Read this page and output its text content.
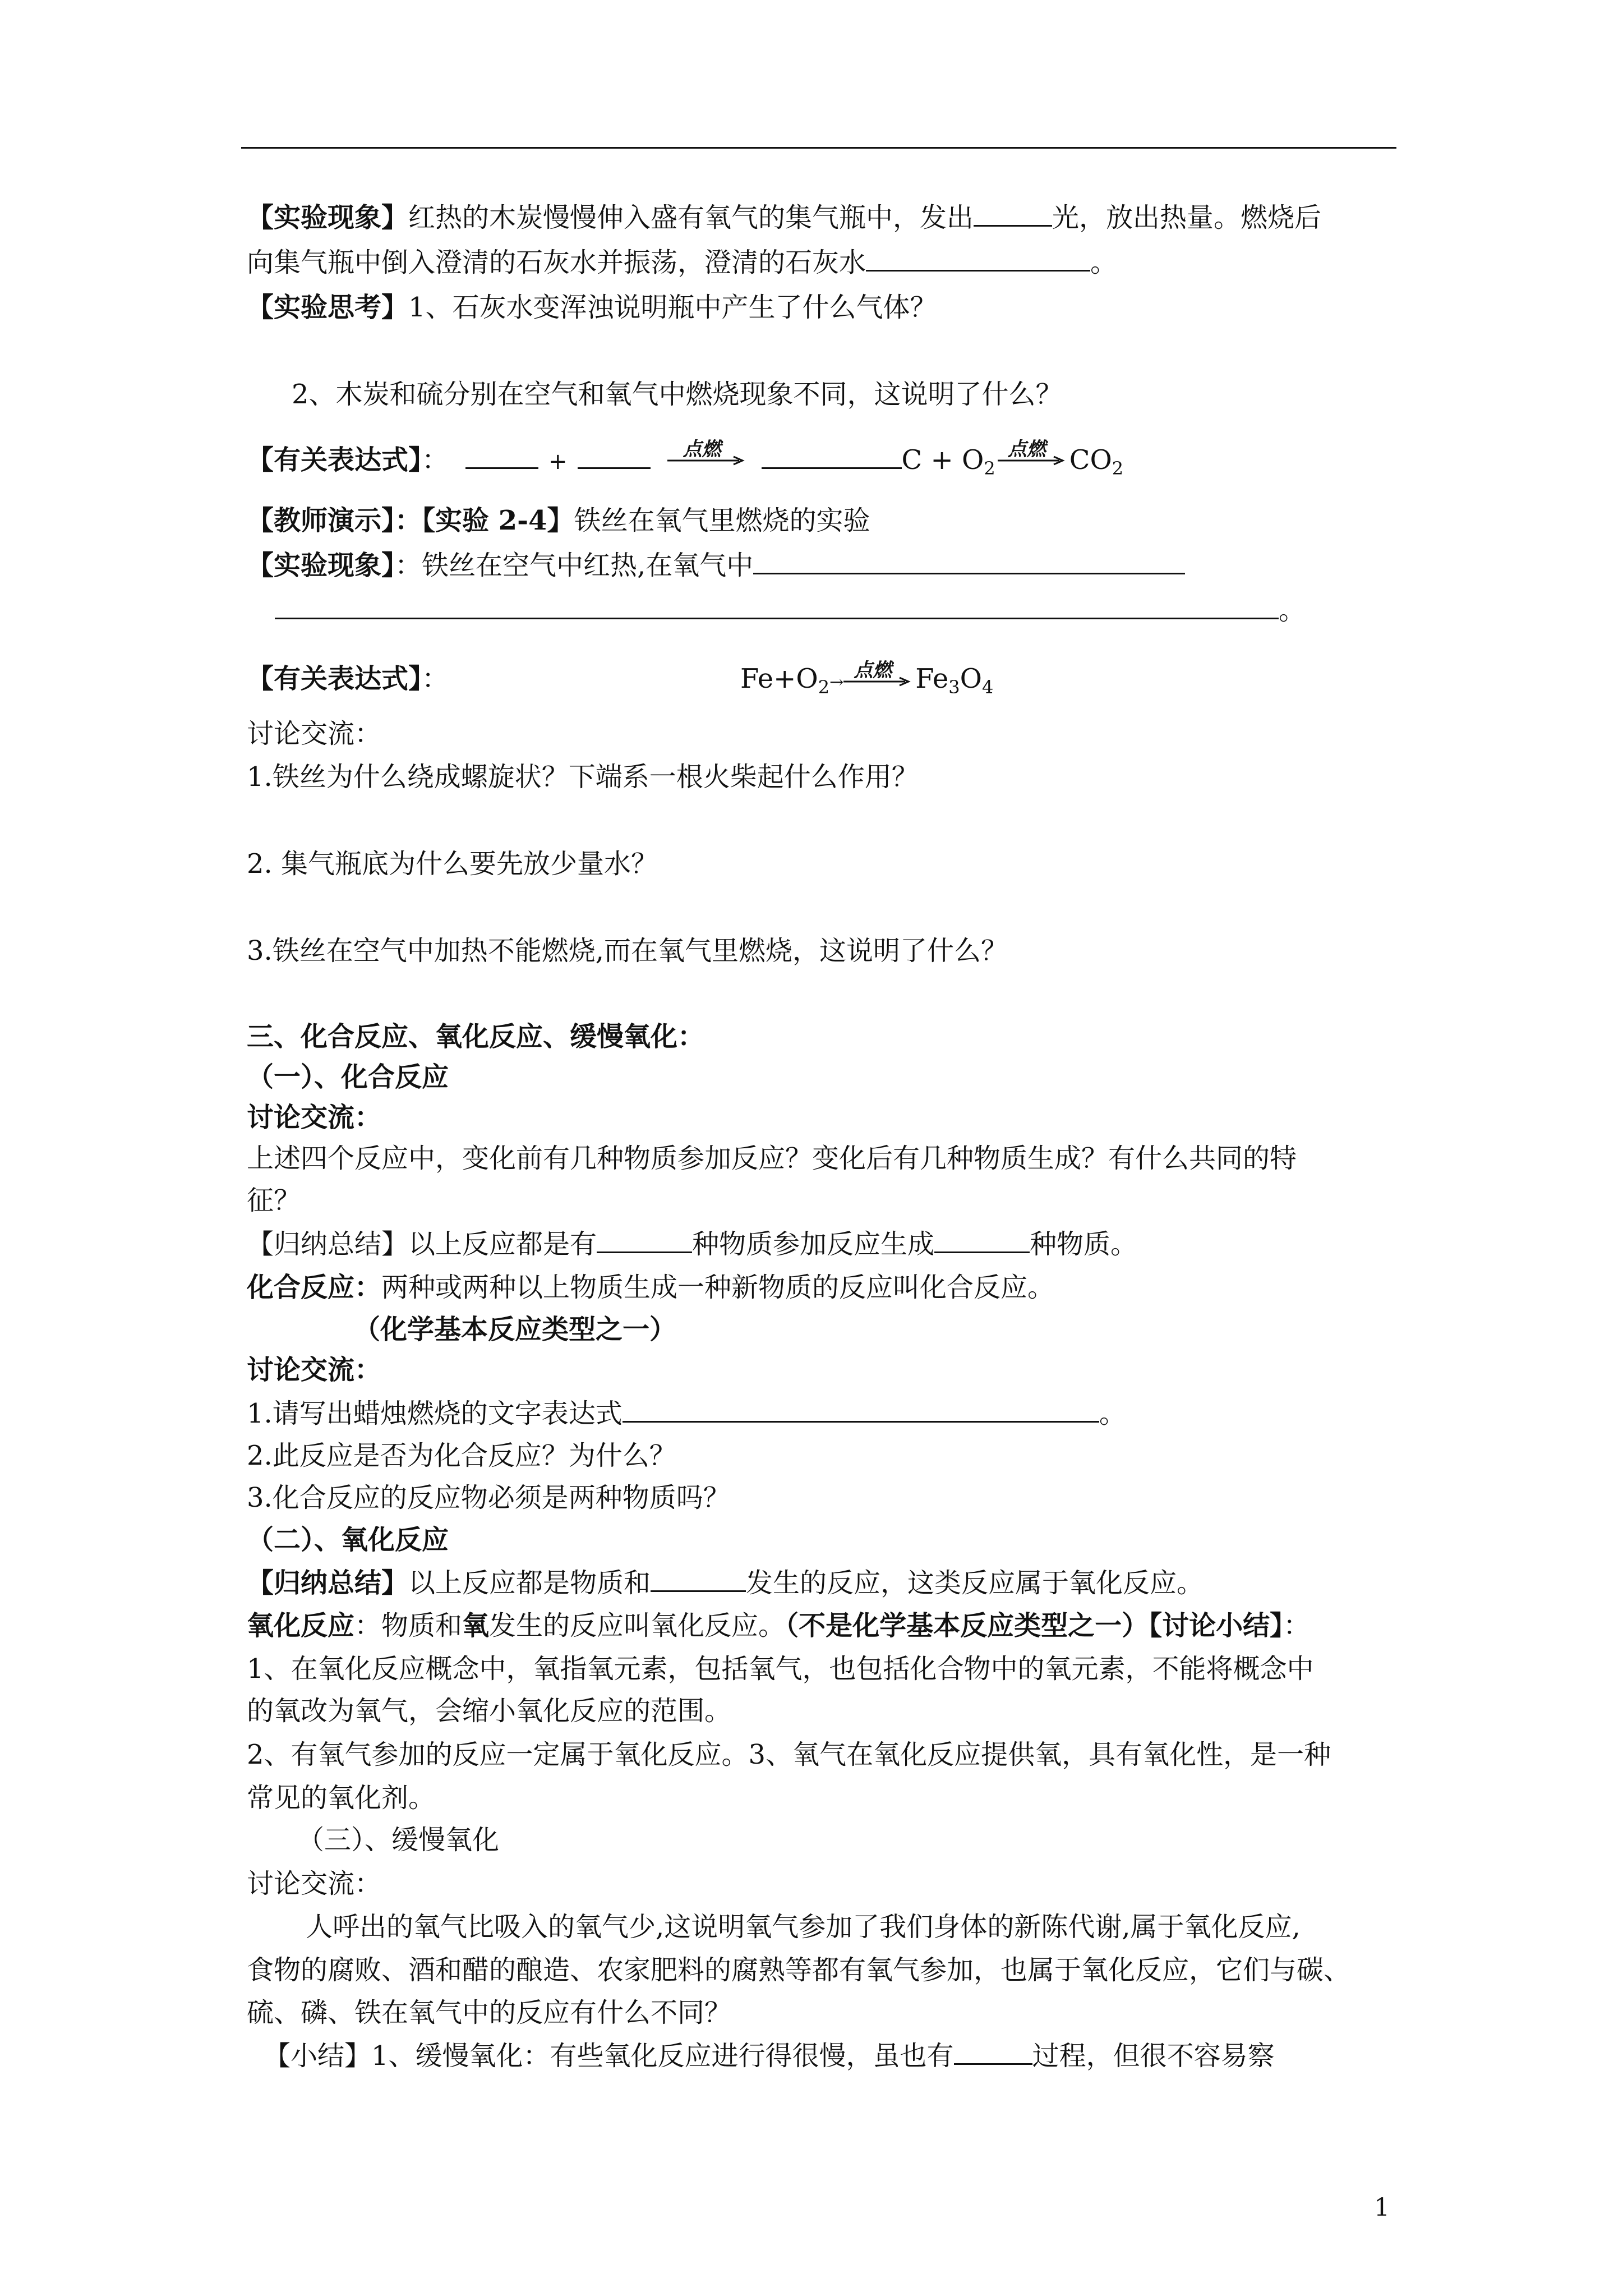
【实验现象】红热的木炭慢慢伸入盛有氧气的集气瓶中，发出	光，放出热量。燃烧后
向集气瓶中倒入澄清的石灰水并振荡，澄清的石灰水	。
【实验思考】1、石灰水变浑浊说明瓶中产生了什么气体？
2、木炭和硫分别在空气和氧气中燃烧现象不同，这说明了什么？
【有关表达式】：	+	点燃	$C + O_2$
点燃 $CO_2$
【教师演示】：【实验 2-4】铁丝在氧气里燃烧的实验
【实验现象】：铁丝在空气中红热,在氧气中
。
【有关表达式】：	$Fe+O_2\to$
点燃 $Fe_3O_4$
讨论交流：
1.铁丝为什么绕成螺旋状？下端系一根火柴起什么作用？
2. 集气瓶底为什么要先放少量水？
3.铁丝在空气中加热不能燃烧,而在氧气里燃烧，这说明了什么？
三、化合反应、氧化反应、缓慢氧化：
（一）、化合反应
讨论交流：
上述四个反应中，变化前有几种物质参加反应？变化后有几种物质生成？有什么共同的特
征？
【归纳总结】以上反应都是有	种物质参加反应生成	种物质。
化合反应：两种或两种以上物质生成一种新物质的反应叫化合反应。
（化学基本反应类型之一）
讨论交流：
1.请写出蜡烛燃烧的文字表达式	。
2.此反应是否为化合反应？为什么？
3.化合反应的反应物必须是两种物质吗？
（二）、氧化反应
【归纳总结】以上反应都是物质和	发生的反应，这类反应属于氧化反应。
氧化反应：物质和氧发生的反应叫氧化反应。（不是化学基本反应类型之一）【讨论小结】：
1、在氧化反应概念中，氧指氧元素，包括氧气，也包括化合物中的氧元素，不能将概念中
的氧改为氧气，会缩小氧化反应的范围。
2、有氧气参加的反应一定属于氧化反应。3、氧气在氧化反应提供氧，具有氧化性，是一种
常见的氧化剂。
（三）、缓慢氧化
讨论交流：
人呼出的氧气比吸入的氧气少,这说明氧气参加了我们身体的新陈代谢,属于氧化反应,
食物的腐败、酒和醋的酿造、农家肥料的腐熟等都有氧气参加，也属于氧化反应，它们与碳、
硫、磷、铁在氧气中的反应有什么不同？
【小结】1、缓慢氧化：有些氧化反应进行得很慢，虽也有	过程，但很不容易察
1
